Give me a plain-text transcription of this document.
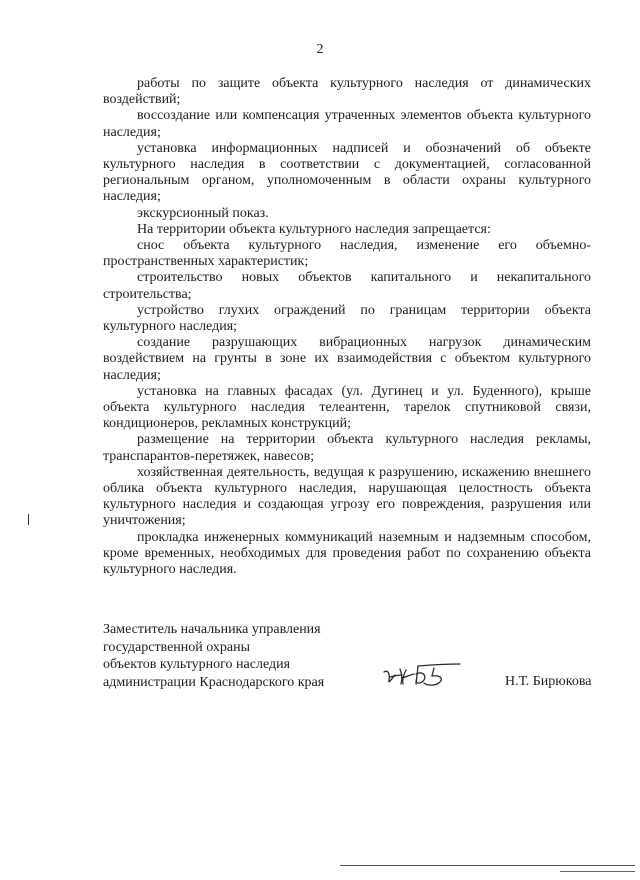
2

работы по защите объекта культурного наследия от динамических воздействий;

воссоздание или компенсация утраченных элементов объекта культурного наследия;

установка информационных надписей и обозначений об объекте культурного наследия в соответствии с документацией, согласованной региональным органом, уполномоченным в области охраны культурного наследия;

экскурсионный показ.

На территории объекта культурного наследия запрещается:

снос объекта культурного наследия, изменение его объемно-пространственных характеристик;

строительство новых объектов капитального и некапитального строительства;

устройство глухих ограждений по границам территории объекта культурного наследия;

создание разрушающих вибрационных нагрузок динамическим воздействием на грунты в зоне их взаимодействия с объектом культурного наследия;

установка на главных фасадах (ул. Дугинец и ул. Буденного), крыше объекта культурного наследия телеантенн, тарелок спутниковой связи, кондиционеров, рекламных конструкций;

размещение на территории объекта культурного наследия рекламы, транспарантов-перетяжек, навесов;

хозяйственная деятельность, ведущая к разрушению, искажению внешнего облика объекта культурного наследия, нарушающая целостность объекта культурного наследия и создающая угрозу его повреждения, разрушения или уничтожения;

прокладка инженерных коммуникаций наземным и надземным способом, кроме временных, необходимых для проведения работ по сохранению объекта культурного наследия.

Заместитель начальника управления
государственной охраны
объектов культурного наследия
администрации Краснодарского края	Н.Т. Бирюкова
